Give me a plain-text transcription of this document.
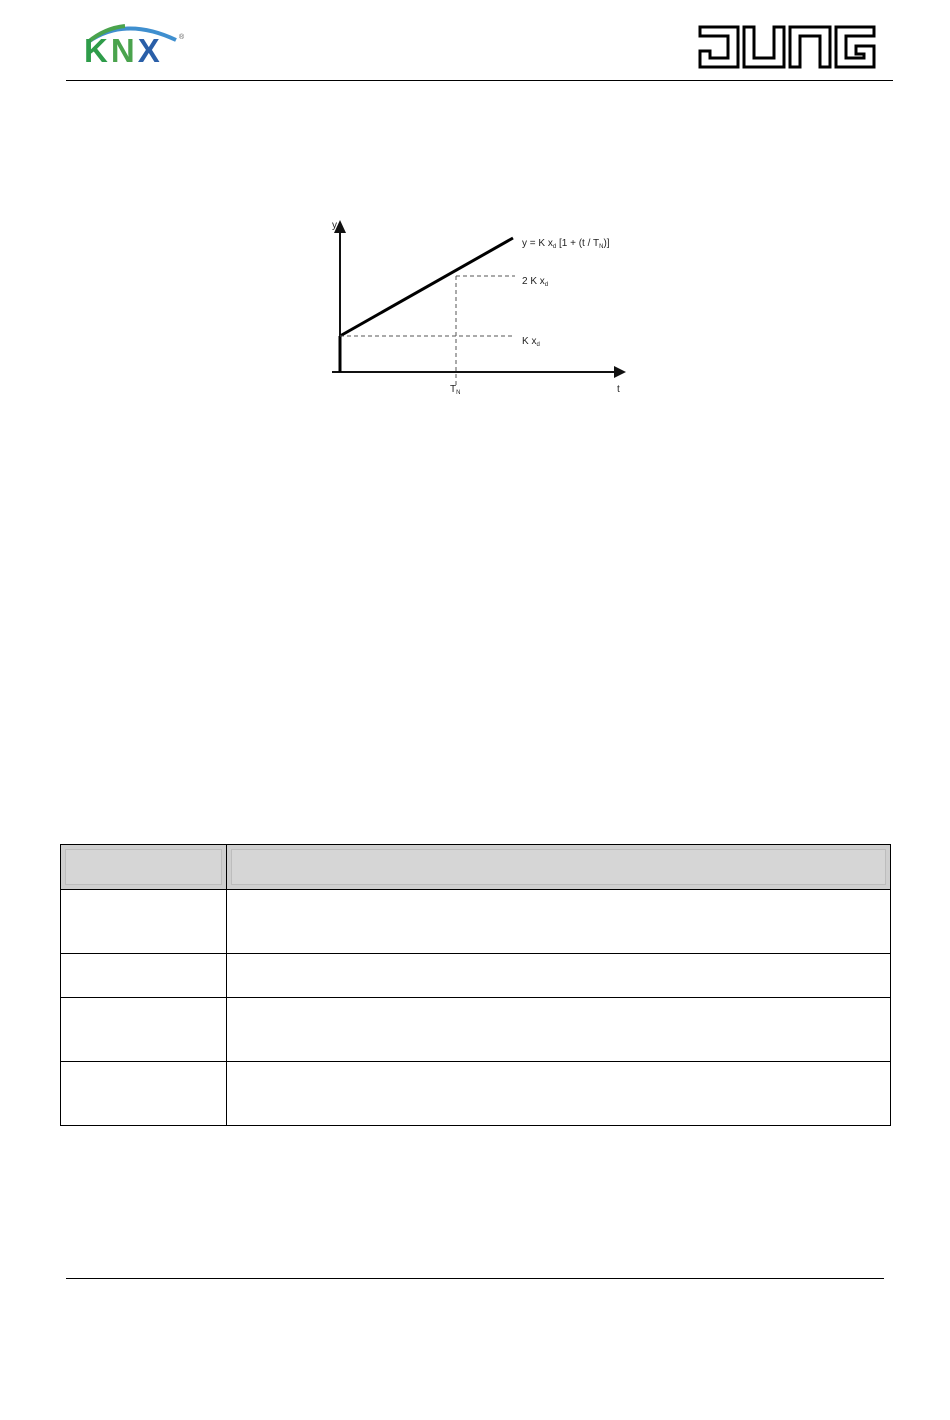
KNX ®
y
t
$T_N$
y = K $x_d$ $[1 + (t / T_N)]$
2 K $x_d$
K $x_d$
